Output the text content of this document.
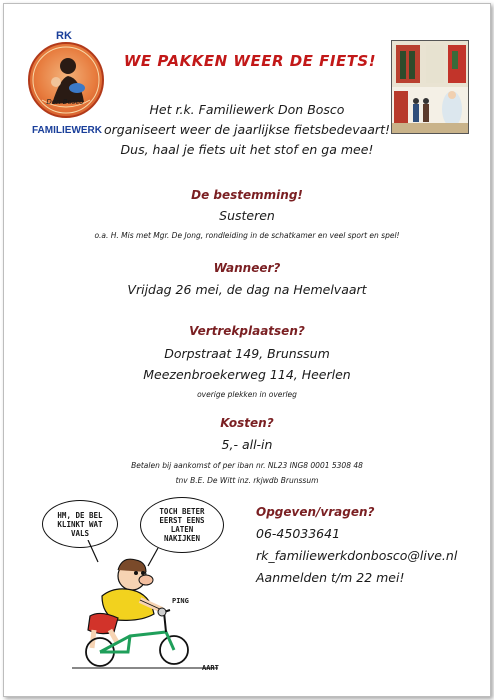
RK
Don Bosco
FAMILIEWERK
WE PAKKEN WEER DE FIETS!
Het r.k. Familiewerk Don Bosco
organiseert weer de jaarlijkse fietsbedevaart!
Dus, haal je fiets uit het stof en ga mee!
De bestemming!
Susteren
o.a. H. Mis met Mgr. De Jong, rondleiding in de schatkamer en veel sport en spel!
Wanneer?
Vrijdag 26 mei, de dag na Hemelvaart
Vertrekplaatsen?
Dorpstraat 149, Brunssum
Meezenbroekerweg 114, Heerlen
overige plekken in overleg
Kosten?
5,- all-in
Betalen bij aankomst of per iban nr. NL23 ING8 0001 5308 48
tnv B.E. De Witt inz. rkjwdb Brunssum
Opgeven/vragen?
06-45033641
rk_familiewerkdonbosco@live.nl
Aanmelden t/m 22 mei!
HM, DE BEL KLINKT WAT VALS
TOCH BETER EERST EENS LATEN NAKIJKEN
PING
AART
